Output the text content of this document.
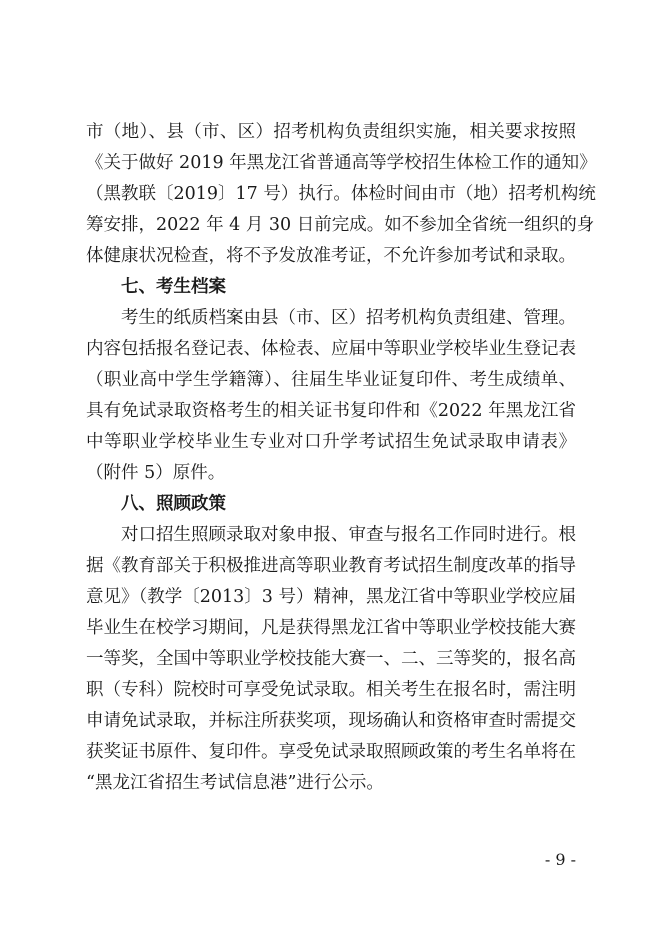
市（地）、县（市、区）招考机构负责组织实施，相关要求按照
《关于做好 2019 年黑龙江省普通高等学校招生体检工作的通知》
（黑教联〔2019〕17 号）执行。体检时间由市（地）招考机构统
筹安排，2022 年 4 月 30 日前完成。如不参加全省统一组织的身
体健康状况检查，将不予发放准考证，不允许参加考试和录取。
七、考生档案
考生的纸质档案由县（市、区）招考机构负责组建、管理。
内容包括报名登记表、体检表、应届中等职业学校毕业生登记表
（职业高中学生学籍簿）、往届生毕业证复印件、考生成绩单、
具有免试录取资格考生的相关证书复印件和《2022 年黑龙江省
中等职业学校毕业生专业对口升学考试招生免试录取申请表》
（附件 5）原件。
八、照顾政策
对口招生照顾录取对象申报、审查与报名工作同时进行。根
据《教育部关于积极推进高等职业教育考试招生制度改革的指导
意见》（教学〔2013〕3 号）精神，黑龙江省中等职业学校应届
毕业生在校学习期间，凡是获得黑龙江省中等职业学校技能大赛
一等奖，全国中等职业学校技能大赛一、二、三等奖的，报名高
职（专科）院校时可享受免试录取。相关考生在报名时，需注明
申请免试录取，并标注所获奖项，现场确认和资格审查时需提交
获奖证书原件、复印件。享受免试录取照顾政策的考生名单将在
“黑龙江省招生考试信息港”进行公示。
- 9 -
